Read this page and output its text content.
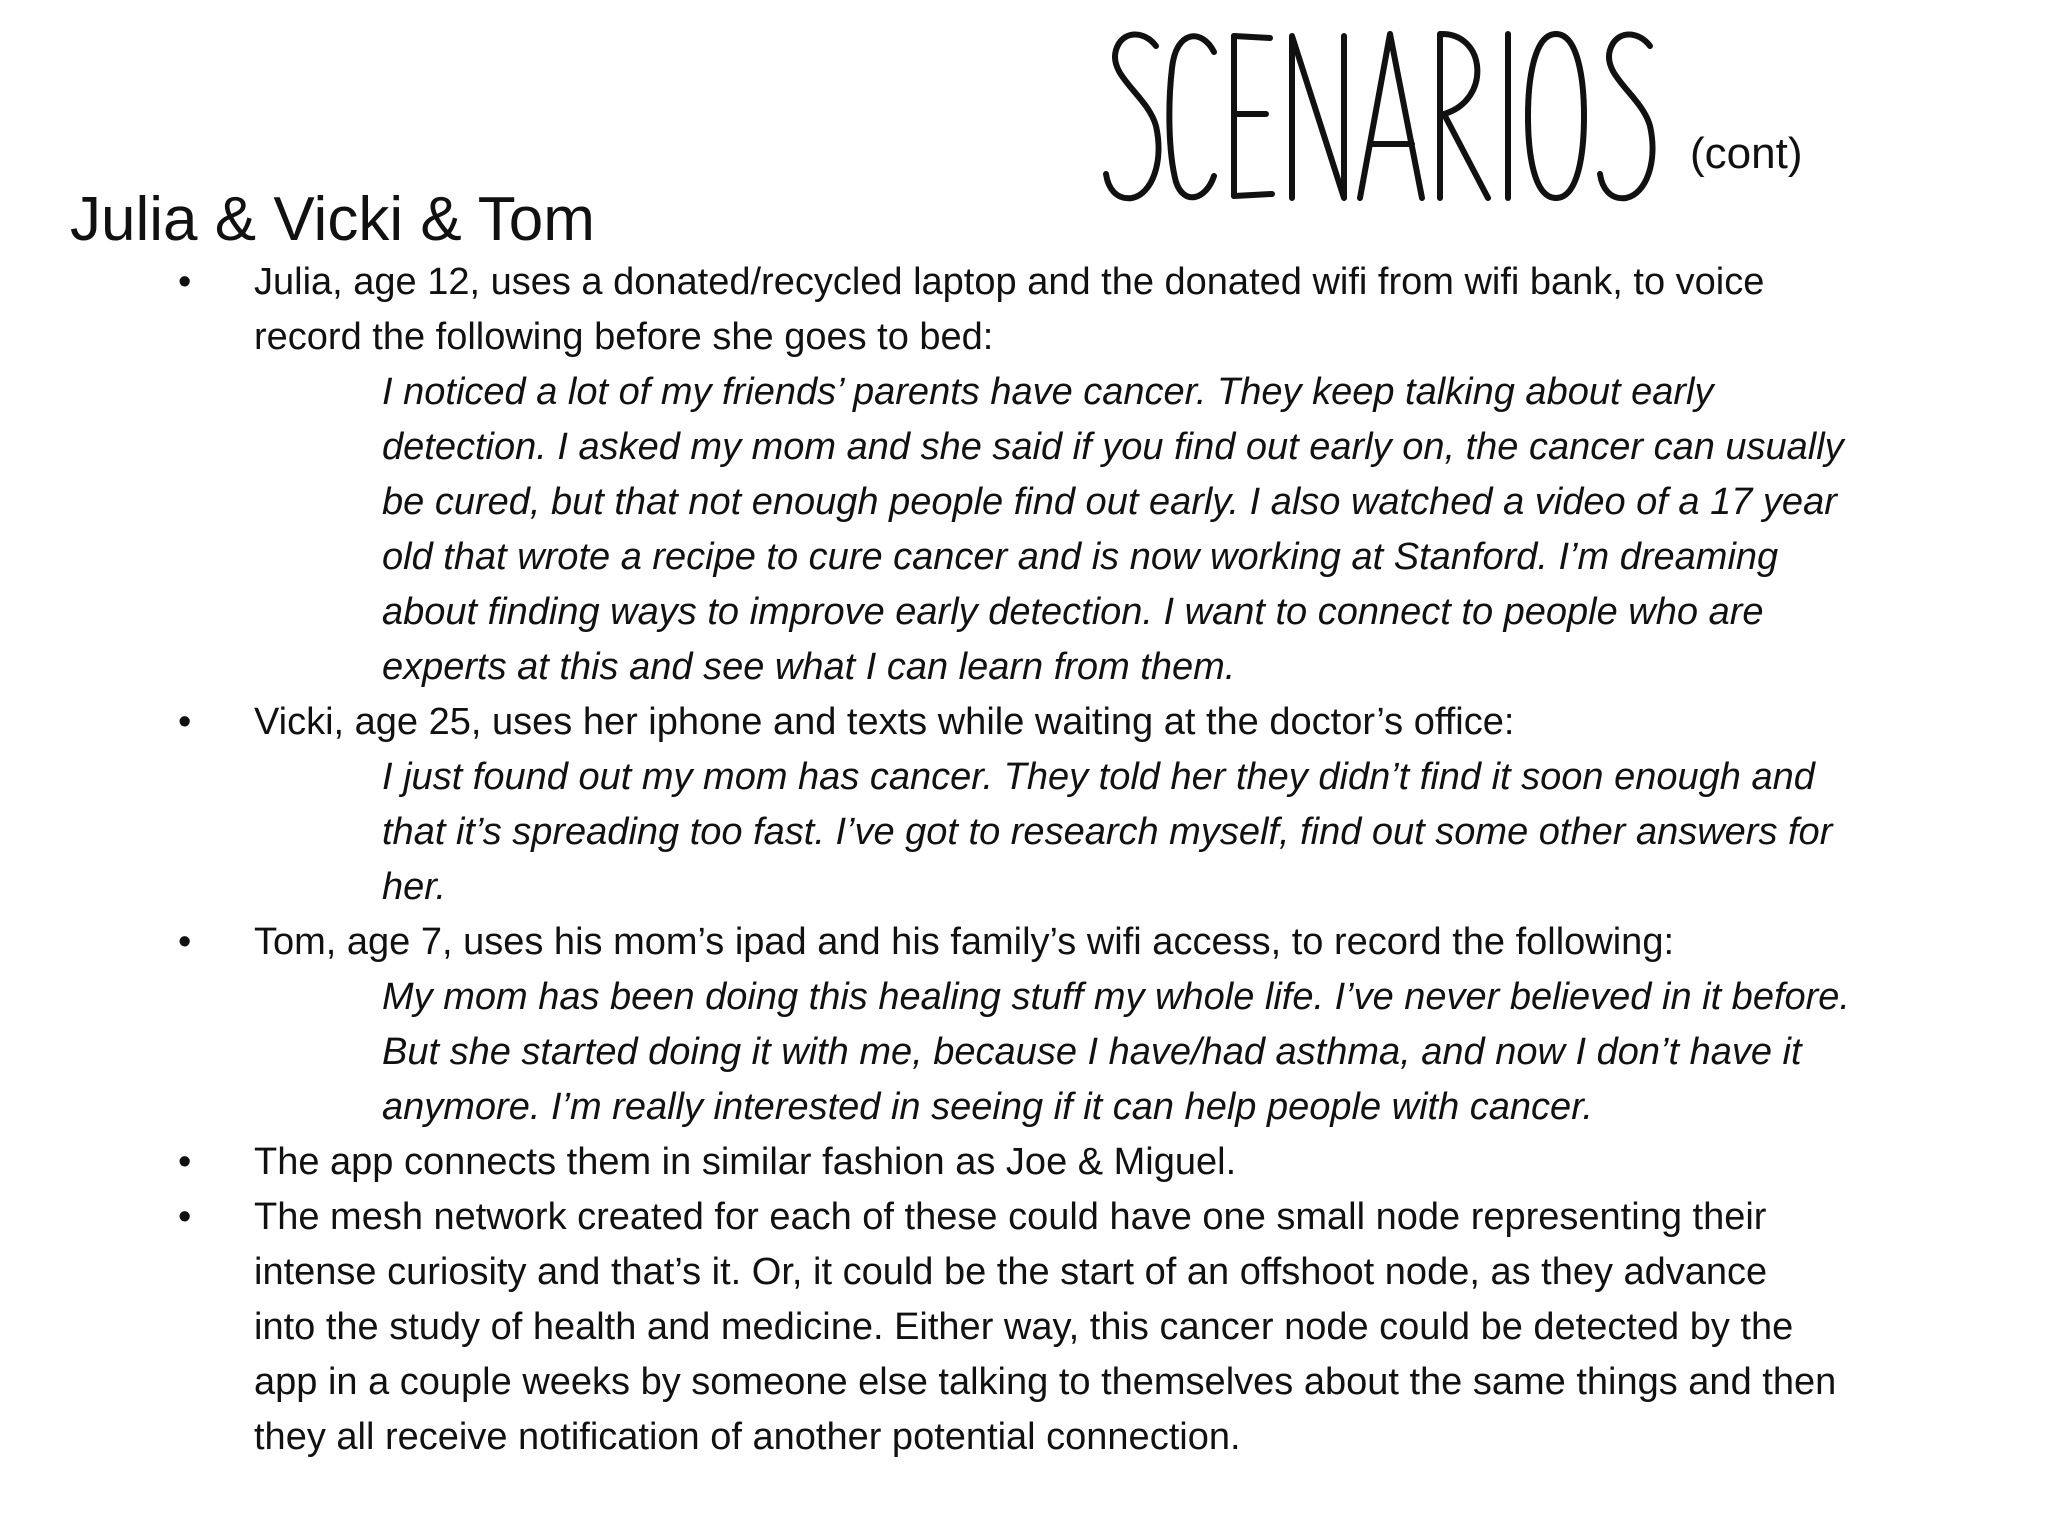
(cont)
Julia & Vicki & Tom
• Julia, age 12, uses a donated/recycled laptop and the donated wifi from wifi bank, to voice

record the following before she goes to bed:

I noticed a lot of my friends’ parents have cancer. They keep talking about early

detection. I asked my mom and she said if you find out early on, the cancer can usually

be cured, but that not enough people find out early. I also watched a video of a 17 year

old that wrote a recipe to cure cancer and is now working at Stanford. I’m dreaming

about finding ways to improve early detection. I want to connect to people who are

experts at this and see what I can learn from them.

• Vicki, age 25, uses her iphone and texts while waiting at the doctor’s office:

I just found out my mom has cancer. They told her they didn’t find it soon enough and

that it’s spreading too fast. I’ve got to research myself, find out some other answers for

her.

• Tom, age 7, uses his mom’s ipad and his family’s wifi access, to record the following:

My mom has been doing this healing stuff my whole life. I’ve never believed in it before.

But she started doing it with me, because I have/had asthma, and now I don’t have it

anymore. I’m really interested in seeing if it can help people with cancer.

• The app connects them in similar fashion as Joe & Miguel.

• The mesh network created for each of these could have one small node representing their

intense curiosity and that’s it. Or, it could be the start of an offshoot node, as they advance

into the study of health and medicine. Either way, this cancer node could be detected by the

app in a couple weeks by someone else talking to themselves about the same things and then

they all receive notification of another potential connection.
